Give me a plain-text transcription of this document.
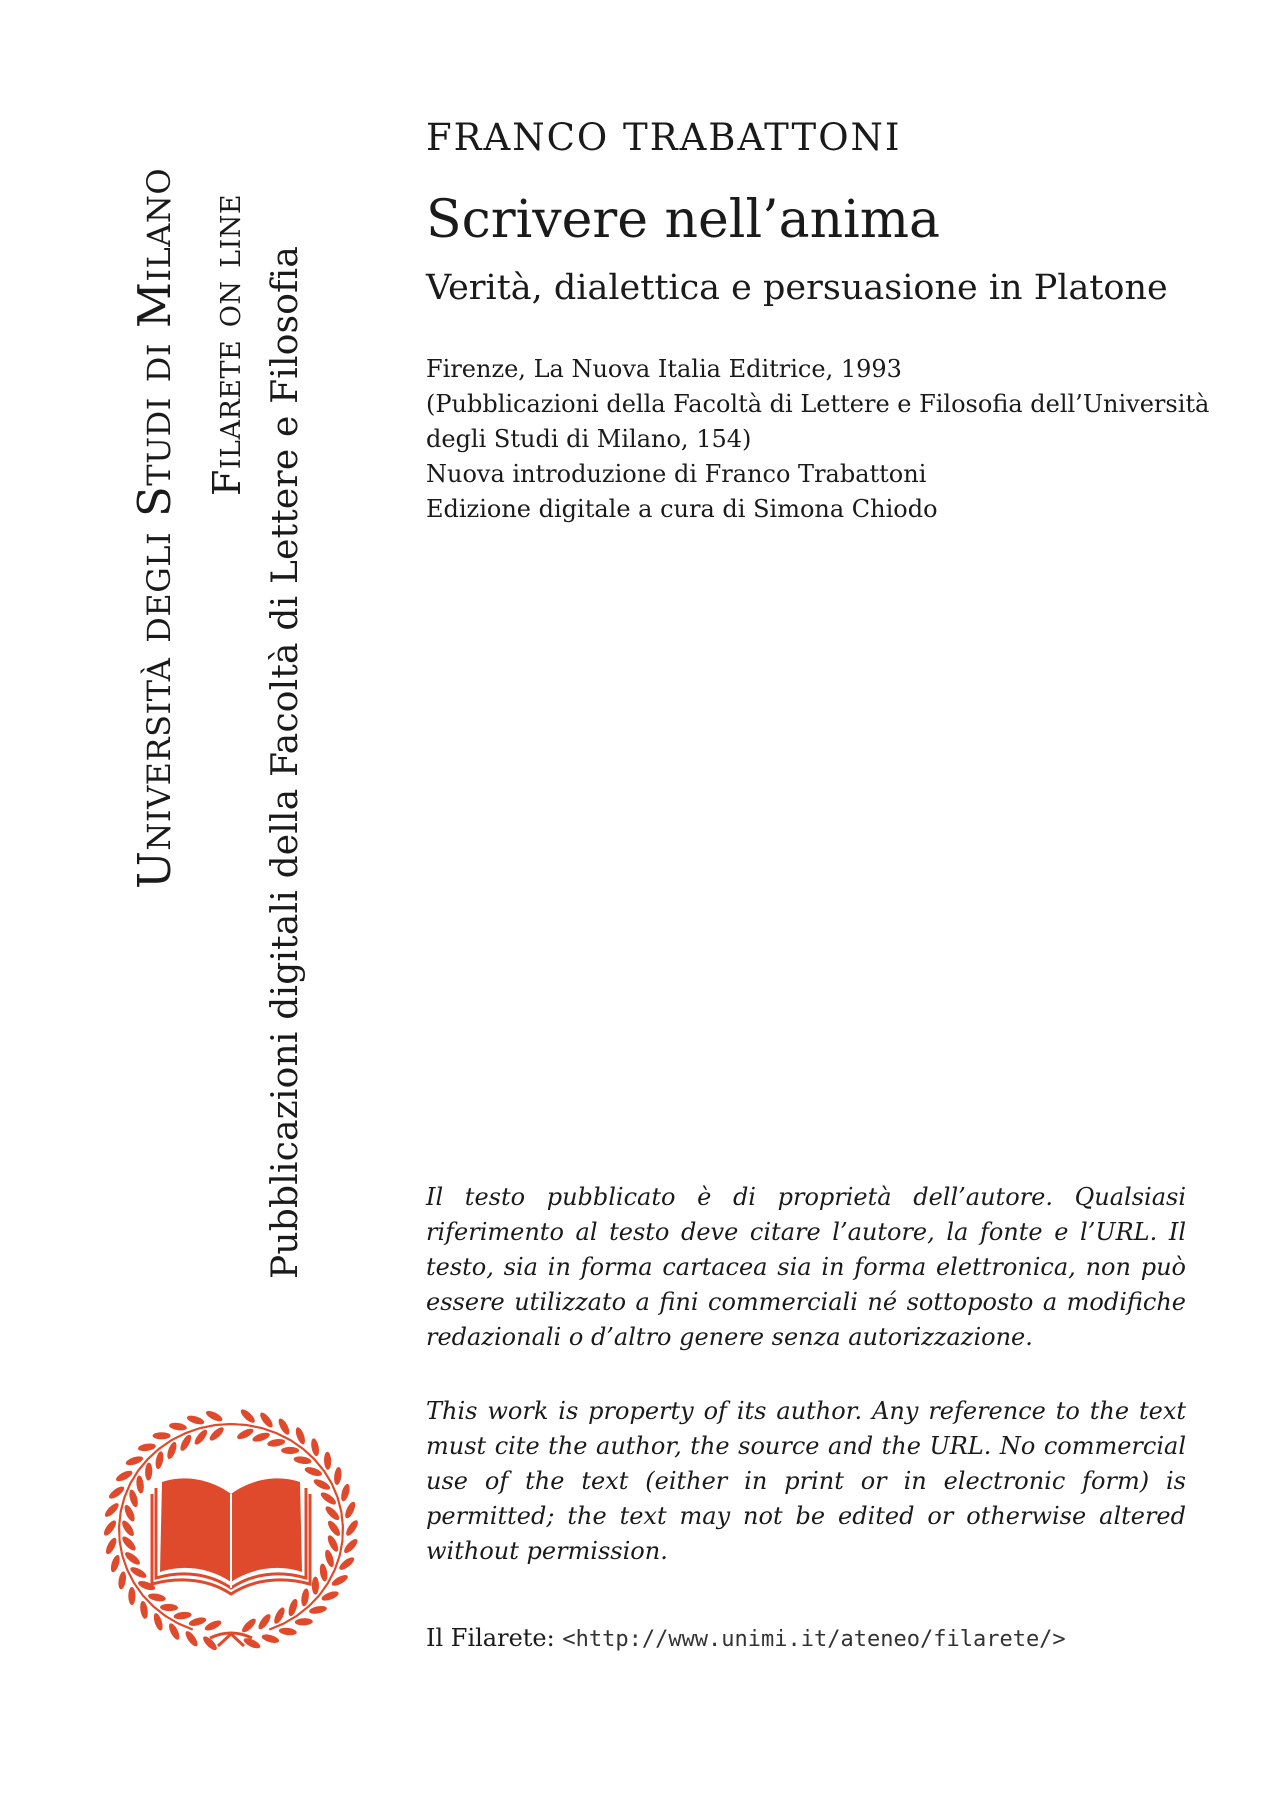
Università degli Studi di Milano Filarete on line Pubblicazioni digitali della Facoltà di Lettere e Filosofia
FRANCO TRABATTONI
Scrivere nell’anima
Verità, dialettica e persuasione in Platone
Firenze, La Nuova Italia Editrice, 1993
(Pubblicazioni della Facoltà di Lettere e Filosofia dell’Università
degli Studi di Milano, 154)
Nuova introduzione di Franco Trabattoni
Edizione digitale a cura di Simona Chiodo

Il testo pubblicato è di proprietà dell’autore. Qualsiasi riferimento al testo deve citare l’autore, la fonte e l’URL. Il testo, sia in forma cartacea sia in forma elettronica, non può essere utilizzato a fini commerciali né sottoposto a modifiche redazionali o d’altro genere senza autorizzazione.

This work is property of its author. Any reference to the text must cite the author, the source and the URL. No commercial use of the text (either in print or in electronic form) is permitted; the text may not be edited or otherwise altered without permission.

Il Filarete: <http://www.unimi.it/ateneo/filarete/>
